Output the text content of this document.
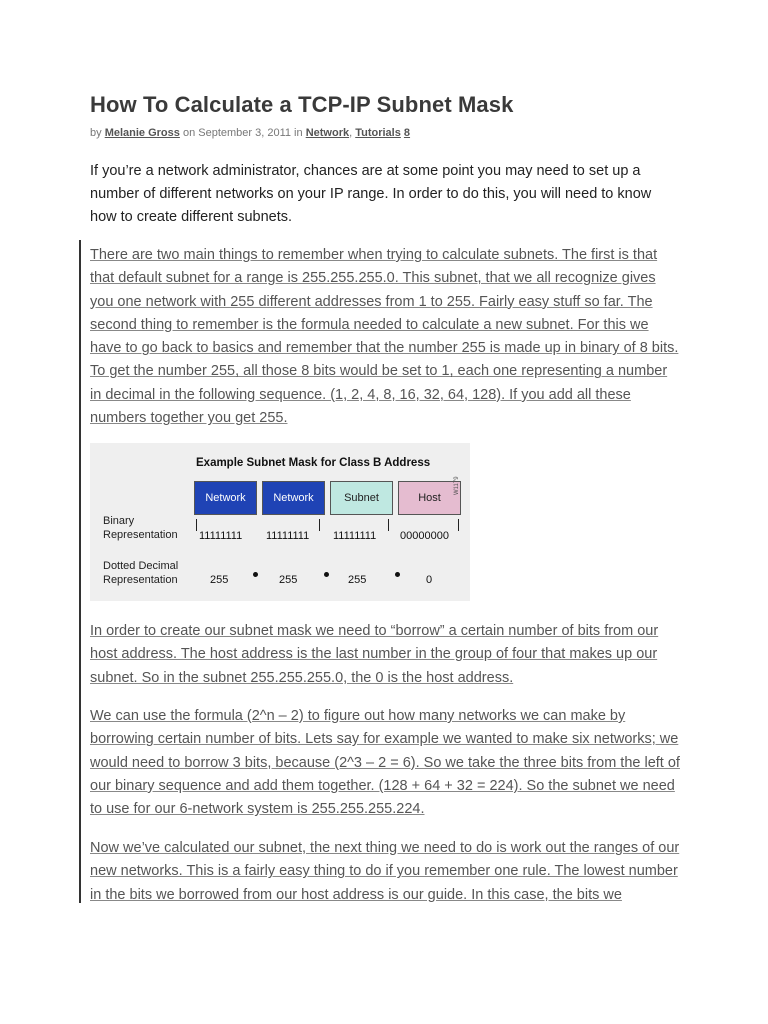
How To Calculate a TCP-IP Subnet Mask
by Melanie Gross on September 3, 2011 in Network, Tutorials 8

If you’re a network administrator, chances are at some point you may need to set up a number of different networks on your IP range. In order to do this, you will need to know how to create different subnets.

There are two main things to remember when trying to calculate subnets. The first is that that default subnet for a range is 255.255.255.0. This subnet, that we all recognize gives you one network with 255 different addresses from 1 to 255. Fairly easy stuff so far. The second thing to remember is the formula needed to calculate a new subnet. For this we have to go back to basics and remember that the number 255 is made up in binary of 8 bits. To get the number 255, all those 8 bits would be set to 1, each one representing a number in decimal in the following sequence. (1, 2, 4, 8, 16, 32, 64, 128). If you add all these numbers together you get 255.

Example Subnet Mask for Class B Address
Network	Network	Subnet	Host
W1179
Binary
Representation 11111111 11111111 11111111 00000000
Dotted Decimal
Representation	255	255	255	0

In order to create our subnet mask we need to “borrow” a certain number of bits from our host address. The host address is the last number in the group of four that makes up our subnet. So in the subnet 255.255.255.0, the 0 is the host address.

We can use the formula (2^n – 2) to figure out how many networks we can make by borrowing certain number of bits. Lets say for example we wanted to make six networks; we would need to borrow 3 bits, because (2^3 – 2 = 6). So we take the three bits from the left of our binary sequence and add them together. (128 + 64 + 32 = 224). So the subnet we need to use for our 6-network system is 255.255.255.224.

Now we’ve calculated our subnet, the next thing we need to do is work out the ranges of our new networks. This is a fairly easy thing to do if you remember one rule. The lowest number in the bits we borrowed from our host address is our guide. In this case, the bits we
